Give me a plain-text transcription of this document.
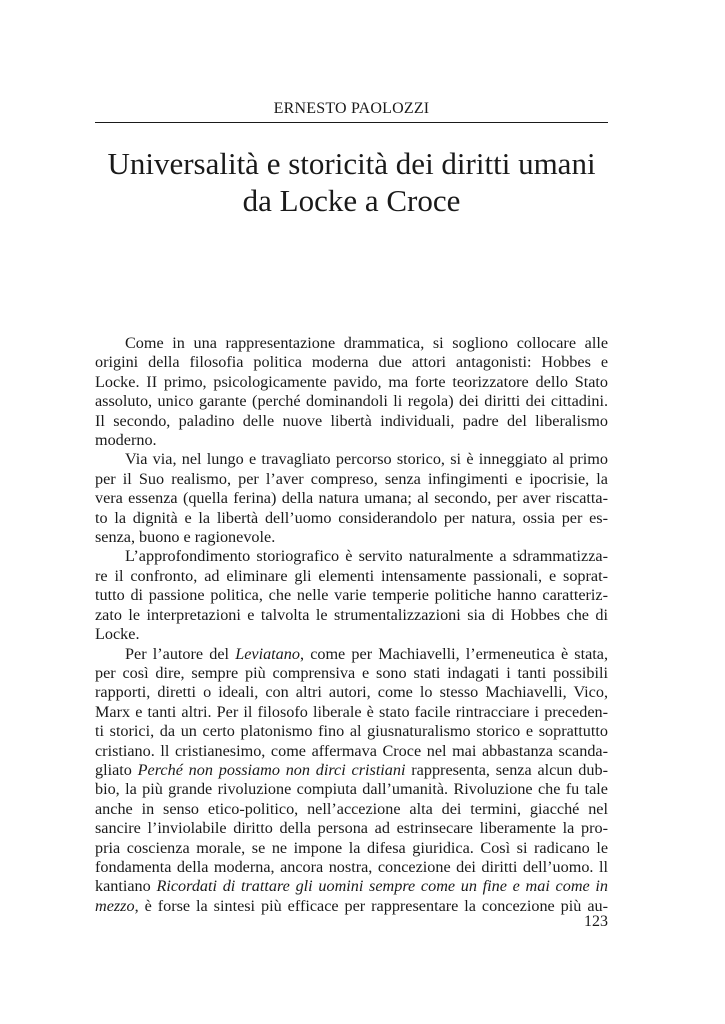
ERNESTO PAOLOZZI
Universalità e storicità dei diritti umani
da Locke a Croce
Come in una rappresentazione drammatica, si sogliono collocare alle
origini della filosofia politica moderna due attori antagonisti: Hobbes e
Locke. II primo, psicologicamente pavido, ma forte teorizzatore dello Stato
assoluto, unico garante (perché dominandoli li regola) dei diritti dei cittadini.
Il secondo, paladino delle nuove libertà individuali, padre del liberalismo
moderno.
Via via, nel lungo e travagliato percorso storico, si è inneggiato al primo
per il Suo realismo, per l’aver compreso, senza infingimenti e ipocrisie, la
vera essenza (quella ferina) della natura umana; al secondo, per aver riscatta-
to la dignità e la libertà dell’uomo considerandolo per natura, ossia per es-
senza, buono e ragionevole.
L’approfondimento storiografico è servito naturalmente a sdrammatizza-
re il confronto, ad eliminare gli elementi intensamente passionali, e soprat-
tutto di passione politica, che nelle varie temperie politiche hanno caratteriz-
zato le interpretazioni e talvolta le strumentalizzazioni sia di Hobbes che di
Locke.
Per l’autore del Leviatano, come per Machiavelli, l’ermeneutica è stata,
per così dire, sempre più comprensiva e sono stati indagati i tanti possibili
rapporti, diretti o ideali, con altri autori, come lo stesso Machiavelli, Vico,
Marx e tanti altri. Per il filosofo liberale è stato facile rintracciare i preceden-
ti storici, da un certo platonismo fino al giusnaturalismo storico e soprattutto
cristiano. ll cristianesimo, come affermava Croce nel mai abbastanza scanda-
gliato Perché non possiamo non dirci cristiani rappresenta, senza alcun dub-
bio, la più grande rivoluzione compiuta dall’umanità. Rivoluzione che fu tale
anche in senso etico-politico, nell’accezione alta dei termini, giacché nel
sancire l’inviolabile diritto della persona ad estrinsecare liberamente la pro-
pria coscienza morale, se ne impone la difesa giuridica. Così si radicano le
fondamenta della moderna, ancora nostra, concezione dei diritti dell’uomo. ll
kantiano Ricordati di trattare gli uomini sempre come un fine e mai come in
mezzo, è forse la sintesi più efficace per rappresentare la concezione più au-
123
